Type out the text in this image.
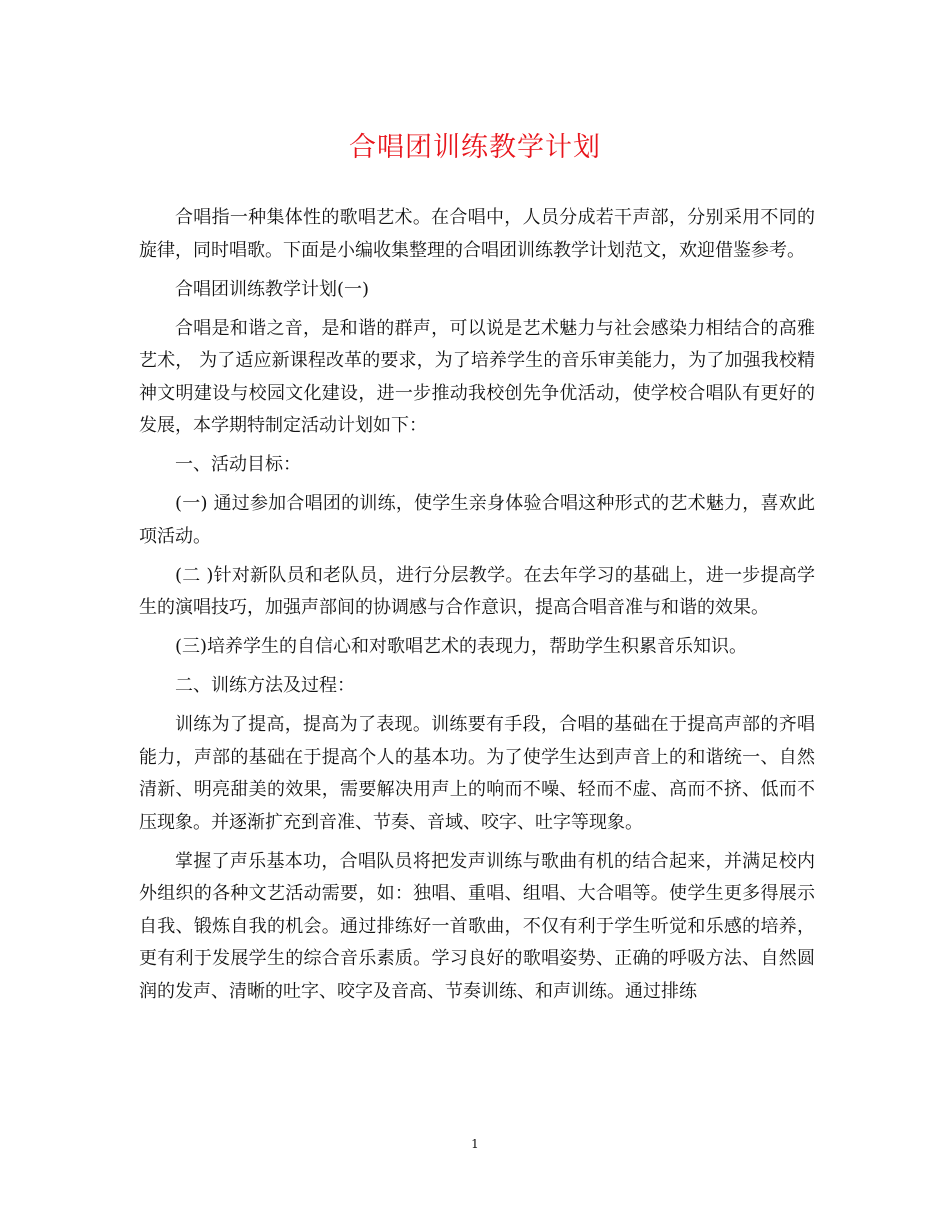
合唱团训练教学计划

合唱指一种集体性的歌唱艺术。在合唱中，人员分成若干声部，分别采用不同的旋律，同时唱歌。下面是小编收集整理的合唱团训练教学计划范文，欢迎借鉴参考。

合唱团训练教学计划(一)

合唱是和谐之音，是和谐的群声，可以说是艺术魅力与社会感染力相结合的高雅艺术， 为了适应新课程改革的要求，为了培养学生的音乐审美能力，为了加强我校精神文明建设与校园文化建设，进一步推动我校创先争优活动，使学校合唱队有更好的发展，本学期特制定活动计划如下：

一、活动目标：

(一) 通过参加合唱团的训练，使学生亲身体验合唱这种形式的艺术魅力，喜欢此项活动。

(二 )针对新队员和老队员，进行分层教学。在去年学习的基础上，进一步提高学生的演唱技巧，加强声部间的协调感与合作意识，提高合唱音准与和谐的效果。

(三)培养学生的自信心和对歌唱艺术的表现力，帮助学生积累音乐知识。

二、训练方法及过程：

训练为了提高，提高为了表现。训练要有手段，合唱的基础在于提高声部的齐唱能力，声部的基础在于提高个人的基本功。为了使学生达到声音上的和谐统一、自然清新、明亮甜美的效果，需要解决用声上的响而不噪、轻而不虚、高而不挤、低而不压现象。并逐渐扩充到音准、节奏、音域、咬字、吐字等现象。

掌握了声乐基本功，合唱队员将把发声训练与歌曲有机的结合起来，并满足校内外组织的各种文艺活动需要，如：独唱、重唱、组唱、大合唱等。使学生更多得展示自我、锻炼自我的机会。通过排练好一首歌曲，不仅有利于学生听觉和乐感的培养，更有利于发展学生的综合音乐素质。学习良好的歌唱姿势、正确的呼吸方法、自然圆润的发声、清晰的吐字、咬字及音高、节奏训练、和声训练。通过排练

1
